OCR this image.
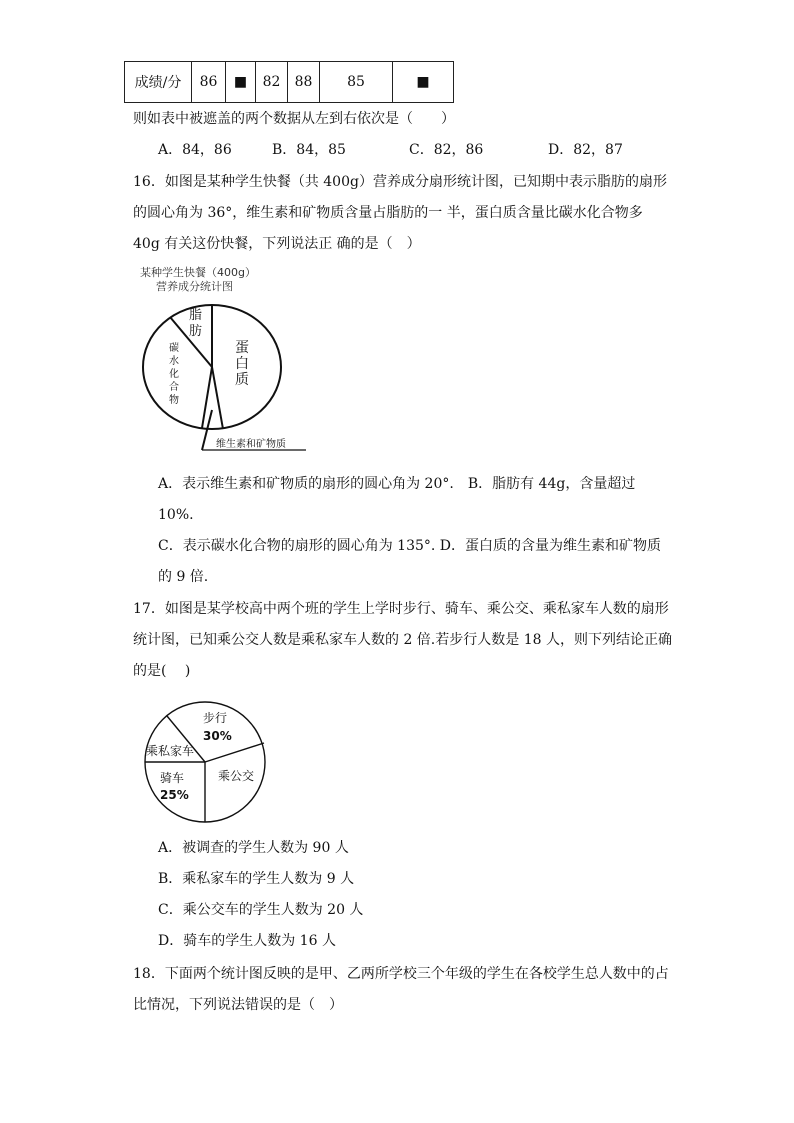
成绩/分	86	■	82	88	85	■
则如表中被遮盖的两个数据从左到右依次是（　　）
A．84，86	B．84，85	C．82，86	D．82，87
16．如图是某种学生快餐（共 400g）营养成分扇形统计图，已知期中表示脂肪的扇形
的圆心角为 36°，维生素和矿物质含量占脂肪的一 半，蛋白质含量比碳水化合物多
40g 有关这份快餐，下列说法正 确的是（　）
某种学生快餐（400g）
营养成分统计图
脂
肪
蛋
白
质
碳
水
化
合
物
维生素和矿物质
A．表示维生素和矿物质的扇形的圆心角为 20°.　B．脂肪有 44g，含量超过
10%.
C．表示碳水化合物的扇形的圆心角为 135°. D．蛋白质的含量为维生素和矿物质
的 9 倍.
17．如图是某学校高中两个班的学生上学时步行、骑车、乘公交、乘私家车人数的扇形
统计图，已知乘公交人数是乘私家车人数的 2 倍.若步行人数是 18 人，则下列结论正确
的是(　 )
步行
30%
乘私家车
骑车
25%
乘公交
A．被调查的学生人数为 90 人
B．乘私家车的学生人数为 9 人
C．乘公交车的学生人数为 20 人
D．骑车的学生人数为 16 人
18．下面两个统计图反映的是甲、乙两所学校三个年级的学生在各校学生总人数中的占
比情况，下列说法错误的是（　）
